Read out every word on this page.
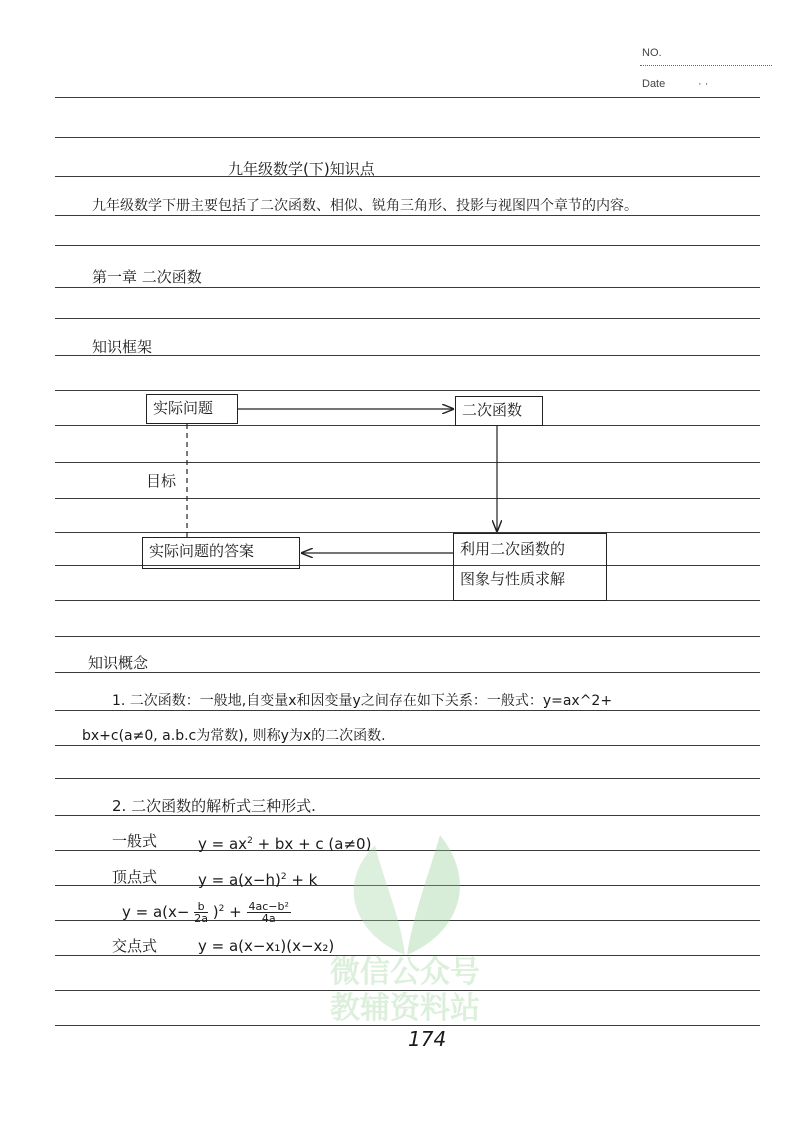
NO.
Date	· ·
微信公众号
教辅资料站
九年级数学(下)知识点
九年级数学下册主要包括了二次函数、相似、锐角三角形、投影与视图四个章节的内容。
第一章 二次函数
知识框架
实际问题	二次函数
利用二次函数的
图象与性质求解
实际问题的答案
目标
知识概念
1. 二次函数：一般地,自变量x和因变量y之间存在如下关系：一般式：y=ax^2+
bx+c(a≠0, a.b.c为常数), 则称y为x的二次函数.
2. 二次函数的解析式三种形式.
一般式	$y = ax^2$ + bx + c (a≠0)
顶点式	$y = a(x-h)^2 + k$
$y = a(x- \frac{b}{2a} )^2 + \frac{\text{4ac−b²}}{4a}$
交点式	y = a(x−x₁)(x−x₂)
174
